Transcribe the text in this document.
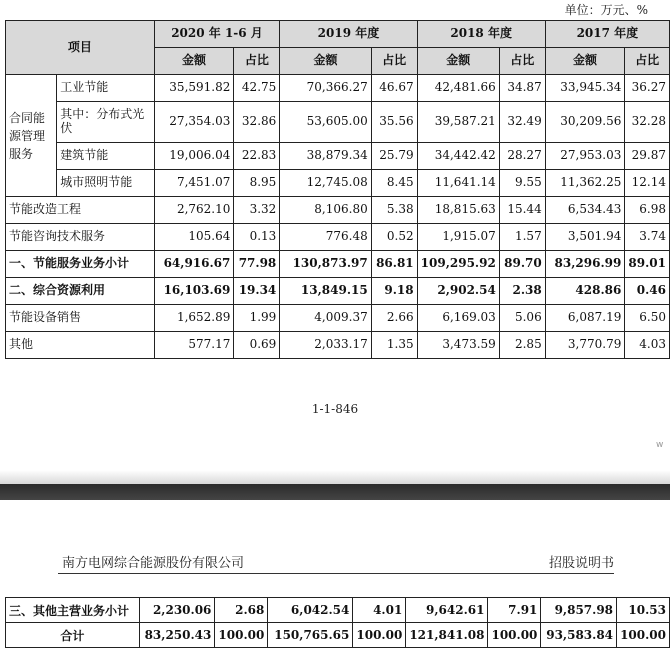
单位：万元、%
项目		2020 年 1-6 月		2019 年度		2018 年度		2017 年度	
		金额	占比	金额	占比	金额	占比	金额	占比
合同能源管理服务	工业节能	35,591.82	42.75	70,366.27	46.67	42,481.66	34.87	33,945.34	36.27
	其中：分布式光伏	27,354.03	32.86	53,605.00	35.56	39,587.21	32.49	30,209.56	32.28
	建筑节能	19,006.04	22.83	38,879.34	25.79	34,442.42	28.27	27,953.03	29.87
	城市照明节能	7,451.07	8.95	12,745.08	8.45	11,641.14	9.55	11,362.25	12.14
节能改造工程		2,762.10	3.32	8,106.80	5.38	18,815.63	15.44	6,534.43	6.98
节能咨询技术服务		105.64	0.13	776.48	0.52	1,915.07	1.57	3,501.94	3.74
一、节能服务业务小计		64,916.67	77.98	130,873.97	86.81	109,295.92	89.70	83,296.99	89.01
二、综合资源利用		16,103.69	19.34	13,849.15	9.18	2,902.54	2.38	428.86	0.46
节能设备销售		1,652.89	1.99	4,009.37	2.66	6,169.03	5.06	6,087.19	6.50
其他		577.17	0.69	2,033.17	1.35	3,473.59	2.85	3,770.79	4.03
1-1-846
w
南方电网综合能源股份有限公司	招股说明书
三、其他主营业务小计	2,230.06	2.68	6,042.54	4.01	9,642.61	7.91	9,857.98	10.53
合计	83,250.43	100.00	150,765.65	100.00	121,841.08	100.00	93,583.84	100.00
